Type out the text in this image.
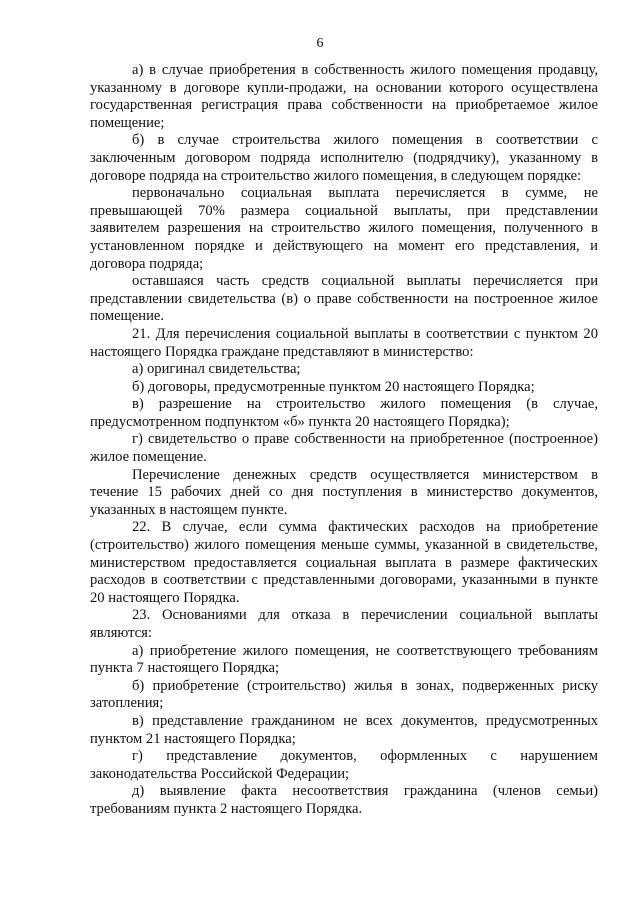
6

а) в случае приобретения в собственность жилого помещения продавцу, указанному в договоре купли-продажи, на основании которого осуществлена государственная регистрация права собственности на приобретаемое жилое помещение;

б) в случае строительства жилого помещения в соответствии с заключенным договором подряда исполнителю (подрядчику), указанному в договоре подряда на строительство жилого помещения, в следующем порядке:

первоначально социальная выплата перечисляется в сумме, не превышающей 70% размера социальной выплаты, при представлении заявителем разрешения на строительство жилого помещения, полученного в установленном порядке и действующего на момент его представления, и договора подряда;

оставшаяся часть средств социальной выплаты перечисляется при представлении свидетельства (в) о праве собственности на построенное жилое помещение.

21. Для перечисления социальной выплаты в соответствии с пунктом 20 настоящего Порядка граждане представляют в министерство:

а) оригинал свидетельства;

б) договоры, предусмотренные пунктом 20 настоящего Порядка;

в) разрешение на строительство жилого помещения (в случае, предусмотренном подпунктом «б» пункта 20 настоящего Порядка);

г) свидетельство о праве собственности на приобретенное (построенное) жилое помещение.

Перечисление денежных средств осуществляется министерством в течение 15 рабочих дней со дня поступления в министерство документов, указанных в настоящем пункте.

22. В случае, если сумма фактических расходов на приобретение (строительство) жилого помещения меньше суммы, указанной в свидетельстве, министерством предоставляется социальная выплата в размере фактических расходов в соответствии с представленными договорами, указанными в пункте 20 настоящего Порядка.

23. Основаниями для отказа в перечислении социальной выплаты являются:

а) приобретение жилого помещения, не соответствующего требованиям пункта 7 настоящего Порядка;

б) приобретение (строительство) жилья в зонах, подверженных риску затопления;

в) представление гражданином не всех документов, предусмотренных пунктом 21 настоящего Порядка;

г) представление документов, оформленных с нарушением законодательства Российской Федерации;

д) выявление факта несоответствия гражданина (членов семьи) требованиям пункта 2 настоящего Порядка.
